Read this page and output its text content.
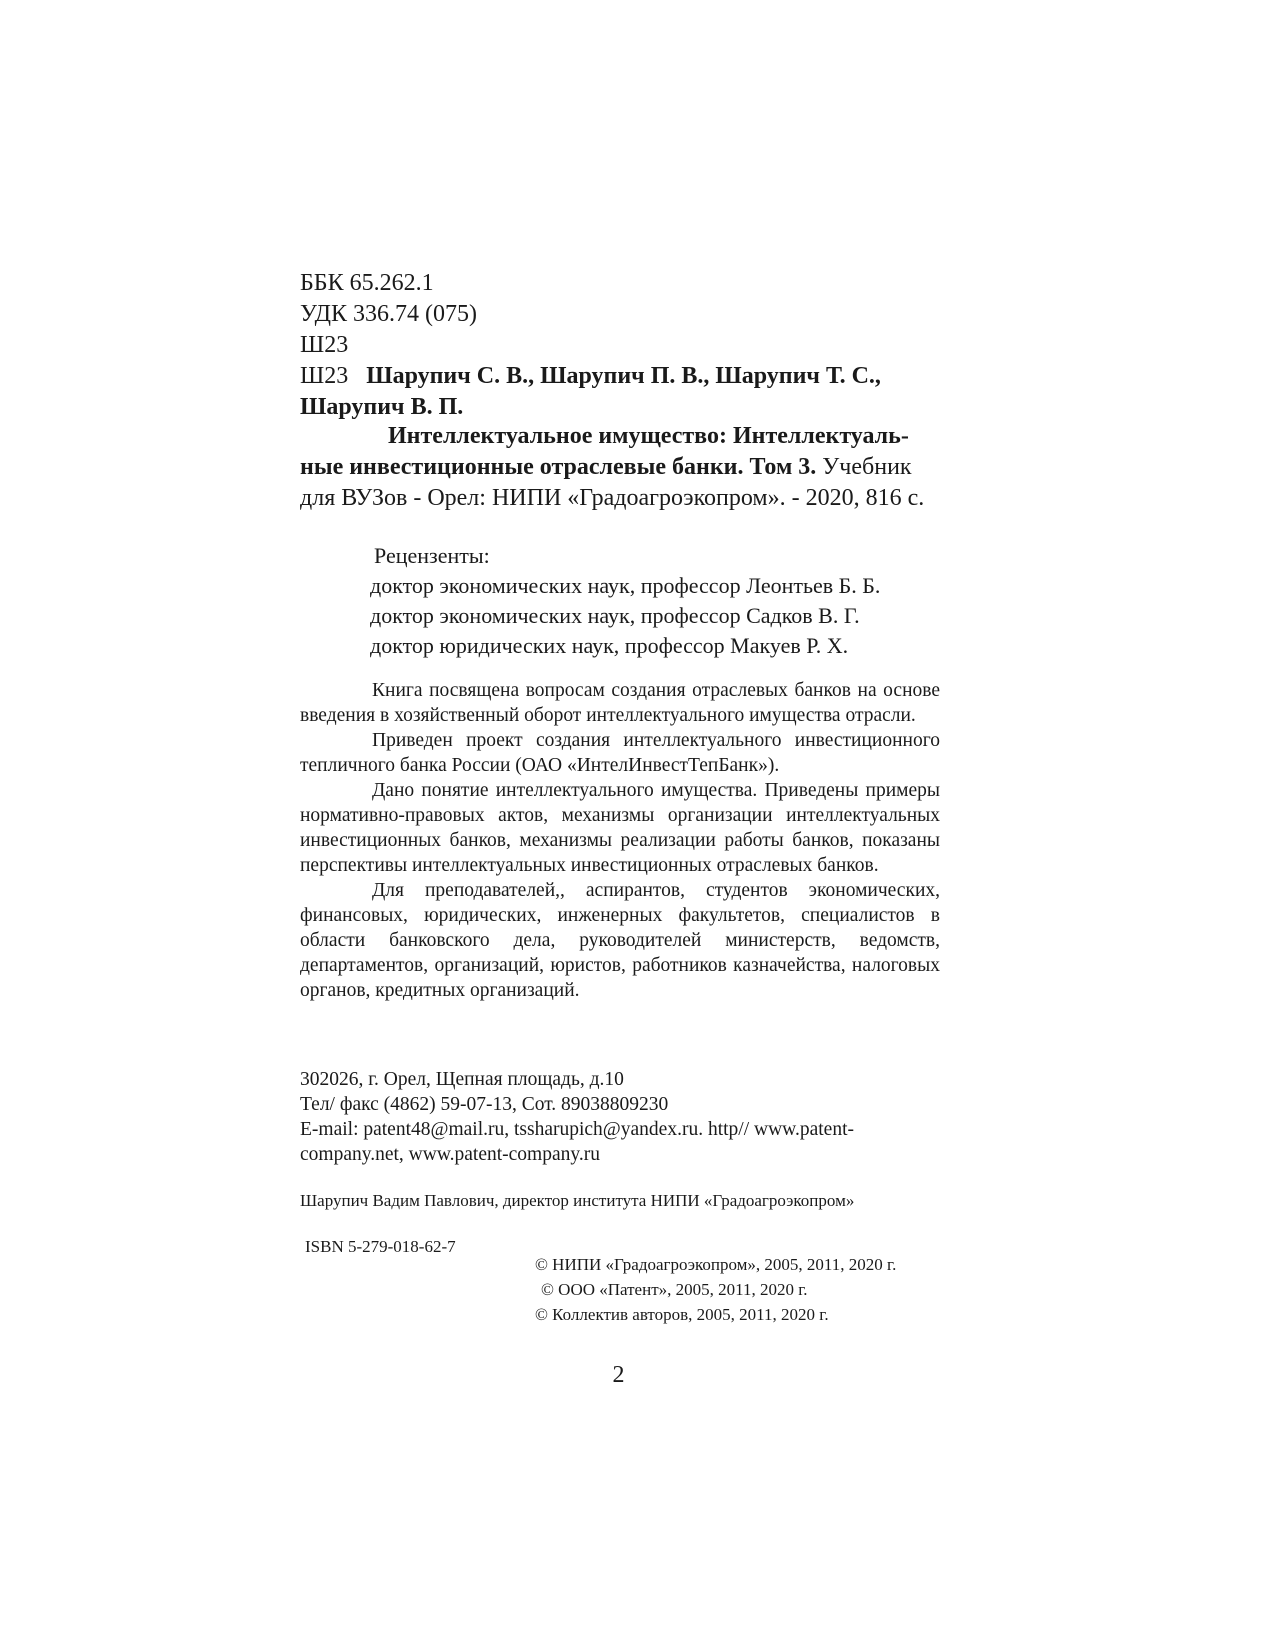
ББК 65.262.1
УДК 336.74 (075)
Ш23
Ш23 Шарупич С. В., Шарупич П. В., Шарупич Т. С.,
Шарупич В. П.
Интеллектуальное имущество: Интеллектуаль-
ные инвестиционные отраслевые банки. Том 3. Учебник
для ВУЗов - Орел: НИПИ «Градоагроэкопром». - 2020, 816 с.
Рецензенты:
доктор экономических наук, профессор Леонтьев Б. Б.
доктор экономических наук, профессор Садков В. Г.
доктор юридических наук, профессор Макуев Р. Х.

Книга посвящена вопросам создания отраслевых банков на основе введения в хозяйственный оборот интеллектуального имущества отрасли.

Приведен проект создания интеллектуального инвестиционного тепличного банка России (ОАО «ИнтелИнвестТепБанк»).

Дано понятие интеллектуального имущества. Приведены примеры нормативно-правовых актов, механизмы организации интеллектуальных инвестиционных банков, механизмы реализации работы банков, показаны перспективы интеллектуальных инвестиционных отраслевых банков.

Для преподавателей,, аспирантов, студентов экономических, финансовых, юридических, инженерных факультетов, специалистов в области банковского дела, руководителей министерств, ведомств, департаментов, организаций, юристов, работников казначейства, налоговых органов, кредитных организаций.

302026, г. Орел, Щепная площадь, д.10
Тел/ факс (4862) 59-07-13, Сот. 89038809230
E-mail: patent48@mail.ru, tssharupich@yandex.ru. http// www.patent-
company.net, www.patent-company.ru
Шарупич Вадим Павлович, директор института НИПИ «Градоагроэкопром»
ISBN 5-279-018-62-7
© НИПИ «Градоагроэкопром», 2005, 2011, 2020 г.
© ООО «Патент», 2005, 2011, 2020 г.
© Коллектив авторов, 2005, 2011, 2020 г.
2
